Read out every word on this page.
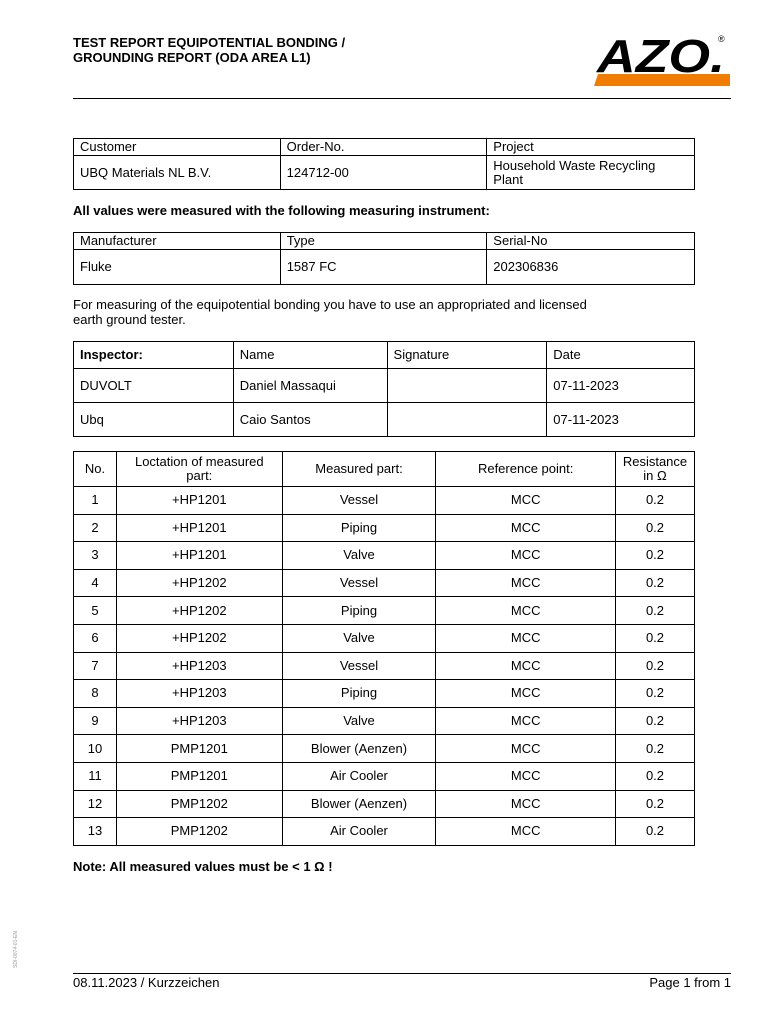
TEST REPORT EQUIPOTENTIAL BONDING /
GROUNDING REPORT (ODA AREA L1)	AZO.
®
Customer	Order-No.	Project
UBQ Materials NL B.V.	124712-00	Household Waste Recycling Plant
All values were measured with the following measuring instrument:
Manufacturer	Type	Serial-No
Fluke	1587 FC	202306836
For measuring of the equipotential bonding you have to use an appropriated and licensed earth ground tester.
Inspector:	Name	Signature	Date
DUVOLT	Daniel Massaqui		07-11-2023
Ubq	Caio Santos		07-11-2023
No.	Loctation of measured part:	Measured part:	Reference point:	Resistance in Ω
1	+HP1201	Vessel	MCC	0.2
2	+HP1201	Piping	MCC	0.2
3	+HP1201	Valve	MCC	0.2
4	+HP1202	Vessel	MCC	0.2
5	+HP1202	Piping	MCC	0.2
6	+HP1202	Valve	MCC	0.2
7	+HP1203	Vessel	MCC	0.2
8	+HP1203	Piping	MCC	0.2
9	+HP1203	Valve	MCC	0.2
10	PMP1201	Blower (Aenzen)	MCC	0.2
11	PMP1201	Air Cooler	MCC	0.2
12	PMP1202	Blower (Aenzen)	MCC	0.2
13	PMP1202	Air Cooler	MCC	0.2
Note: All measured values must be < 1 Ω !
08.11.2023 / Kurzzeichen	Page 1 from 1
SDI-0074-01-EN
